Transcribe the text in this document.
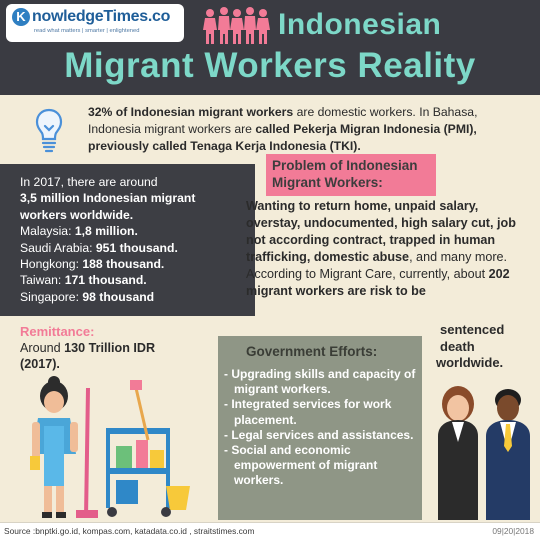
K nowledgeTimes.co
read what matters | smarter | enlightened	Indonesian
Migrant Workers Reality
32% of Indonesian migrant workers are domestic workers. In Bahasa, Indonesia migrant workers are called Pekerja Migran Indonesia (PMI), previously called Tenaga Kerja Indonesia (TKI).
In 2017, there are around
3,5 million Indonesian migrant workers worldwide.
Malaysia: 1,8 million.
Saudi Arabia: 951 thousand.
Hongkong: 188 thousand.
Taiwan: 171 thousand.
Singapore: 98 thousand
Problem of Indonesian
Migrant Workers:
Wanting to return home, unpaid salary, overstay, undocumented, high salary cut, job not according contract, trapped in human trafficking, domestic abuse, and many more.
According to Migrant Care, currently, about 202 migrant workers are risk to be
Remittance:
Around 130 Trillion IDR
(2017).
Government Efforts:
- Upgrading skills and capacity of migrant workers.
- Integrated services for work placement.
- Legal services and assistances.
- Social and economic empowerment of migrant workers.
sentenced
death
worldwide.
Source :bnptki.go.id, kompas.com, katadata.co.id , straitstimes.com	09|20|2018
